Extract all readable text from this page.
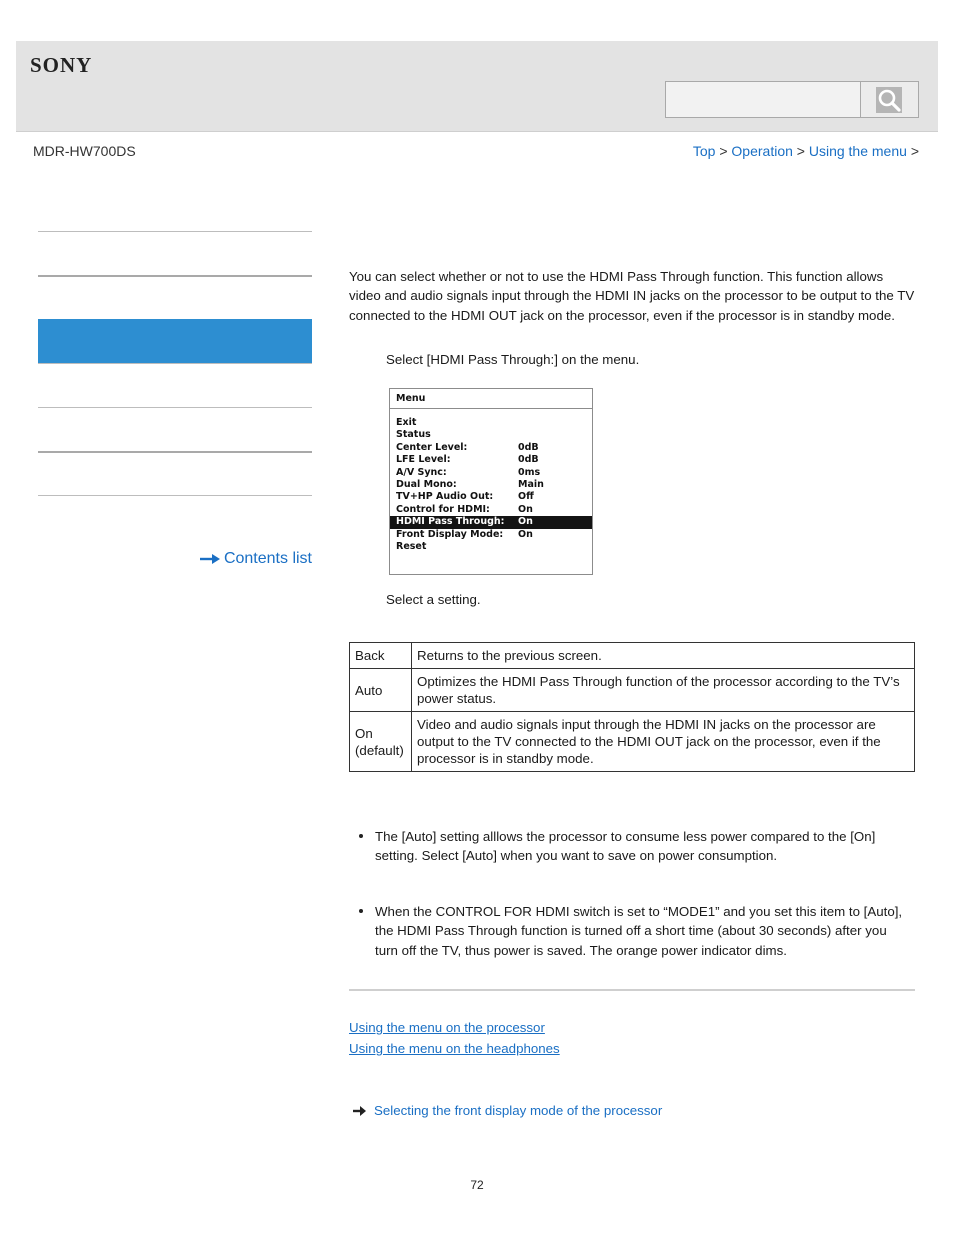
SONY
MDR-HW700DS	Top > Operation > Using the menu >
Contents list
You can select whether or not to use the HDMI Pass Through function. This function allows video and audio signals input through the HDMI IN jacks on the processor to be output to the TV connected to the HDMI OUT jack on the processor, even if the processor is in standby mode.
Select [HDMI Pass Through:] on the menu.
Menu
Exit
Status
Center Level:	0dB
LFE Level:	0dB
A/V Sync:	0ms
Dual Mono:	Main
TV+HP Audio Out:	Off
Control for HDMI:	On
HDMI Pass Through: On
Front Display Mode: On
Reset
Select a setting.
Back	Returns to the previous screen.
Auto	Optimizes the HDMI Pass Through function of the processor according to the TV’s power status.
On (default)	Video and audio signals input through the HDMI IN jacks on the processor are output to the TV connected to the HDMI OUT jack on the processor, even if the processor is in standby mode.
The [Auto] setting alllows the processor to consume less power compared to the [On] setting. Select [Auto] when you want to save on power consumption.
When the CONTROL FOR HDMI switch is set to “MODE1” and you set this item to [Auto], the HDMI Pass Through function is turned off a short time (about 30 seconds) after you turn off the TV, thus power is saved. The orange power indicator dims.
Using the menu on the processor
Using the menu on the headphones
Selecting the front display mode of the processor
72
